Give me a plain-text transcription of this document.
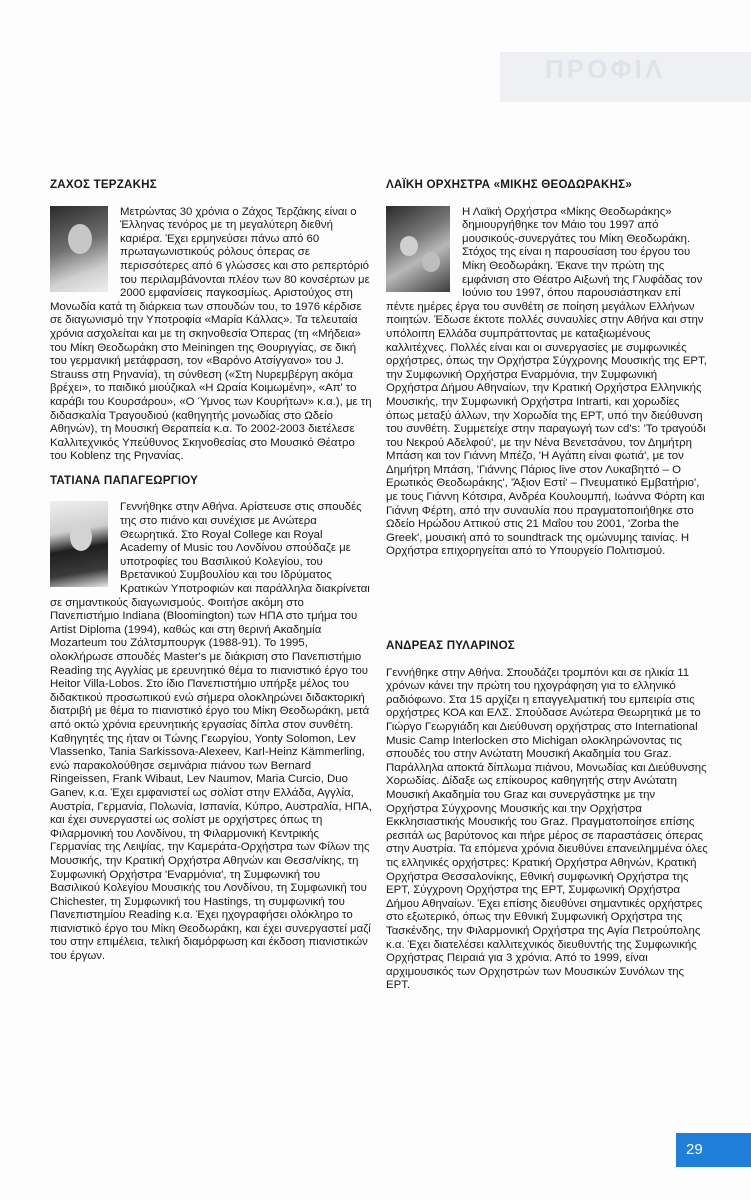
ΠΡΟΦΙΛ
ΖΑΧΟΣ ΤΕΡΖΑΚΗΣ

Μετρώντας 30 χρόνια ο Ζάχος Τερζάκης είναι ο Έλληνας τενόρος με τη μεγαλύτερη διεθνή καριέρα. Έχει ερμηνεύσει πάνω από 60 πρωταγωνιστικούς ρόλους όπερας σε περισσότερες από 6 γλώσσες και στο ρεπερτόριό του περιλαμβάνονται πλέον των 80 κονσέρτων με 2000 εμφανίσεις παγκοσμίως. Αριστούχος στη Μονωδία κατά τη διάρκεια των σπουδών του, το 1976 κέρδισε σε διαγωνισμό την Υποτροφία «Μαρία Κάλλας». Τα τελευταία χρόνια ασχολείται και με τη σκηνοθεσία Όπερας (τη «Μήδεια» του Μίκη Θεοδωράκη στο Meiningen της Θουριγγίας, σε δική του γερμανική μετάφραση, τον «Βαρόνο Ατσίγγανο» του J. Strauss στη Ρηνανία), τη σύνθεση («Στη Νυρεμβέργη ακόμα βρέχει», το παιδικό μιούζικαλ «Η Ωραία Κοιμωμένη», «Απ' το καράβι του Κουρσάρου», «Ο Ύμνος των Κουρήτων» κ.α.), με τη διδασκαλία Τραγουδιού (καθηγητής μονωδίας στο Ωδείο Αθηνών), τη Μουσική Θεραπεία κ.α. Το 2002-2003 διετέλεσε Καλλιτεχνικός Υπεύθυνος Σκηνοθεσίας στο Μουσικό Θέατρο του Koblenz της Ρηνανίας.

ΤΑΤΙΑΝΑ ΠΑΠΑΓΕΩΡΓΙΟΥ

Γεννήθηκε στην Αθήνα. Αρίστευσε στις σπουδές της στο πιάνο και συνέχισε με Ανώτερα Θεωρητικά. Στο Royal College και Royal Academy of Music του Λονδίνου σπούδαζε με υποτροφίες του Βασιλικού Κολεγίου, του Βρετανικού Συμβουλίου και του Ιδρύματος Κρατικών Υποτροφιών και παράλληλα διακρίνεται σε σημαντικούς διαγωνισμούς. Φοιτήσε ακόμη στο Πανεπιστήμιο Indiana (Bloomington) των ΗΠΑ στο τμήμα του Artist Diploma (1994), καθώς και στη θερινή Ακαδημία Mozarteum του Ζάλτσμπουργκ (1988-91). Το 1995, ολοκλήρωσε σπουδές Master's με διάκριση στο Πανεπιστήμιο Reading της Αγγλίας με ερευνητικό θέμα το πιανιστικό έργο του Heitor Villa-Lobos. Στο ίδιο Πανεπιστήμιο υπήρξε μέλος του διδακτικού προσωπικού ενώ σήμερα ολοκληρώνει διδακτορική διατριβή με θέμα το πιανιστικό έργο του Μίκη Θεοδωράκη, μετά από οκτώ χρόνια ερευνητικής εργασίας δίπλα στον συνθέτη. Καθηγητές της ήταν οι Τώνης Γεωργίου, Yonty Solomon, Lev Vlassenko, Tania Sarkissova-Alexeev, Karl-Heinz Kämmerling, ενώ παρακολούθησε σεμινάρια πιάνου των Bernard Ringeissen, Frank Wibaut, Lev Naumov, Maria Curcio, Duo Ganev, κ.α. Έχει εμφανιστεί ως σολίστ στην Ελλάδα, Αγγλία, Αυστρία, Γερμανία, Πολωνία, Ισπανία, Κύπρο, Αυστραλία, ΗΠΑ, και έχει συνεργαστεί ως σολίστ με ορχήστρες όπως τη Φιλαρμονική του Λονδίνου, τη Φιλαρμονική Κεντρικής Γερμανίας της Λειψίας, την Καμεράτα-Ορχήστρα των Φίλων της Μουσικής, την Κρατική Ορχήστρα Αθηνών και Θεσσ/νίκης, τη Συμφωνική Ορχήστρα 'Εναρμόνια', τη Συμφωνική του Βασιλικού Κολεγίου Μουσικής του Λονδίνου, τη Συμφωνική του Chichester, τη Συμφωνική του Hastings, τη συμφωνική του Πανεπιστημίου Reading κ.α. Έχει ηχογραφήσει ολόκληρο το πιανιστικό έργο του Μίκη Θεοδωράκη, και έχει συνεργαστεί μαζί του στην επιμέλεια, τελική διαμόρφωση και έκδοση πιανιστικών του έργων.

ΛΑΪΚΗ ΟΡΧΗΣΤΡΑ «ΜΙΚΗΣ ΘΕΟΔΩΡΑΚΗΣ»

Η Λαϊκή Ορχήστρα «Μίκης Θεοδωράκης» δημιουργήθηκε τον Μάιο του 1997 από μουσικούς-συνεργάτες του Μίκη Θεοδωράκη. Στόχος της είναι η παρουσίαση του έργου του Μίκη Θεοδωράκη. Έκανε την πρώτη της εμφάνιση στο Θέατρο Αιξωνή της Γλυφάδας τον Ιούνιο του 1997, όπου παρουσιάστηκαν επί πέντε ημέρες έργα του συνθέτη σε ποίηση μεγάλων Ελλήνων ποιητών. Έδωσε έκτοτε πολλές συναυλίες στην Αθήνα και στην υπόλοιπη Ελλάδα συμπράττοντας με καταξιωμένους καλλιτέχνες. Πολλές είναι και οι συνεργασίες με συμφωνικές ορχήστρες, όπως την Ορχήστρα Σύγχρονης Μουσικής της ΕΡΤ, την Συμφωνική Ορχήστρα Εναρμόνια, την Συμφωνική Ορχήστρα Δήμου Αθηναίων, την Κρατική Ορχήστρα Ελληνικής Μουσικής, την Συμφωνική Ορχήστρα Intrarti, και χορωδίες όπως μεταξύ άλλων, την Χορωδία της ΕΡΤ, υπό την διεύθυνση του συνθέτη. Συμμετείχε στην παραγωγή των cd's: 'Το τραγούδι του Νεκρού Αδελφού', με την Νένα Βενετσάνου, τον Δημήτρη Μπάση και τον Γιάννη Μπέζο, 'Η Αγάπη είναι φωτιά', με τον Δημήτρη Μπάση, 'Γιάννης Πάριος live στον Λυκαβηττό – Ο Ερωτικός Θεοδωράκης', 'Άξιον Εστί' – Πνευματικό Εμβατήριο', με τους Γιάννη Κότσιρα, Ανδρέα Κουλουμπή, Ιωάννα Φόρτη και Γιάννη Φέρτη, από την συναυλία που πραγματοποιήθηκε στο Ωδείο Ηρώδου Αττικού στις 21 Μαΐου του 2001, 'Zorba the Greek', μουσική από το soundtrack της ομώνυμης ταινίας. Η Ορχήστρα επιχορηγείται από το Υπουργείο Πολιτισμού.

ΑΝΔΡΕΑΣ ΠΥΛΑΡΙΝΟΣ

Γεννήθηκε στην Αθήνα. Σπουδάζει τρομπόνι και σε ηλικία 11 χρόνων κάνει την πρώτη του ηχογράφηση για το ελληνικό ραδιόφωνο. Στα 15 αρχίζει η επαγγελματική του εμπειρία στις ορχήστρες ΚΟΑ και ΕΛΣ. Σπούδασε Ανώτερα Θεωρητικά με το Γιώργο Γεωργιάδη και Διεύθυνση ορχήστρας στο International Music Camp Interlocken στο Michigan ολοκληρώνοντας τις σπουδές του στην Ανώτατη Μουσική Ακαδημία του Graz. Παράλληλα αποκτά δίπλωμα πιάνου, Μονωδίας και Διεύθυνσης Χορωδίας. Δίδαξε ως επίκουρος καθηγητής στην Ανώτατη Μουσική Ακαδημία του Graz και συνεργάστηκε με την Ορχήστρα Σύγχρονης Μουσικής και την Ορχήστρα Εκκλησιαστικής Μουσικής του Graz. Πραγματοποίησε επίσης ρεσιτάλ ως βαρύτονος και πήρε μέρος σε παραστάσεις όπερας στην Αυστρία. Τα επόμενα χρόνια διευθύνει επανειλημμένα όλες τις ελληνικές ορχήστρες: Κρατική Ορχήστρα Αθηνών, Κρατική Ορχήστρα Θεσσαλονίκης, Εθνική συμφωνική Ορχήστρα της ΕΡΤ, Σύγχρονη Ορχήστρα της ΕΡΤ, Συμφωνική Ορχήστρα Δήμου Αθηναίων. Έχει επίσης διευθύνει σημαντικές ορχήστρες στο εξωτερικό, όπως την Εθνική Συμφωνική Ορχήστρα της Τασκένδης, την Φιλαρμονική Ορχήστρα της Αγία Πετρούπολης κ.α. Έχει διατελέσει καλλιτεχνικός διευθυντής της Συμφωνικής Ορχήστρας Πειραιά για 3 χρόνια. Από το 1999, είναι αρχιμουσικός των Ορχηστρών των Μουσικών Συνόλων της ΕΡΤ.

29
